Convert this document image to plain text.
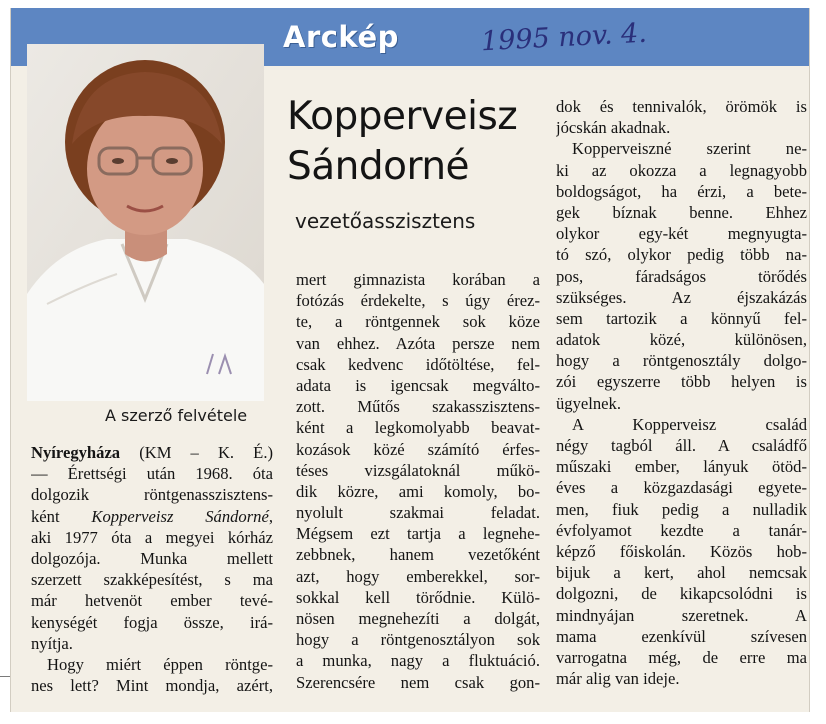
Arckép	1995 nov. 4.
A szerző felvétele
Kopperveisz
Sándorné
vezetőasszisztens
Nyíregyháza (KM – K. É.)
— Érettségi után 1968. óta
dolgozik röntgenasszisztens-
ként Kopperveisz Sándorné,
aki 1977 óta a megyei kórház
dolgozója. Munka mellett
szerzett szakképesítést, s ma
már hetvenöt ember tevé-
kenységét fogja össze, irá-
nyítja.
Hogy miért éppen röntge-
nes lett? Mint mondja, azért,
mert gimnazista korában a
fotózás érdekelte, s úgy érez-
te, a röntgennek sok köze
van ehhez. Azóta persze nem
csak kedvenc időtöltése, fel-
adata is igencsak megválto-
zott. Műtős szakasszisztens-
ként a legkomolyabb beavat-
kozások közé számító érfes-
téses vizsgálatoknál műkö-
dik közre, ami komoly, bo-
nyolult szakmai feladat.
Mégsem ezt tartja a legnehe-
zebbnek, hanem vezetőként
azt, hogy emberekkel, sor-
sokkal kell törődnie. Külö-
nösen megnehezíti a dolgát,
hogy a röntgenosztályon sok
a munka, nagy a fluktuáció.
Szerencsére nem csak gon-
dok és tennivalók, örömök is
jócskán akadnak.
Kopperveiszné szerint ne-
ki az okozza a legnagyobb
boldogságot, ha érzi, a bete-
gek bíznak benne. Ehhez
olykor egy-két megnyugta-
tó szó, olykor pedig több na-
pos, fáradságos törődés
szükséges. Az éjszakázás
sem tartozik a könnyű fel-
adatok közé, különösen,
hogy a röntgenosztály dolgo-
zói egyszerre több helyen is
ügyelnek.
A Kopperveisz család
négy tagból áll. A családfő
műszaki ember, lányuk ötöd-
éves a közgazdasági egyete-
men, fiuk pedig a nulladik
évfolyamot kezdte a tanár-
képző főiskolán. Közös hob-
bijuk a kert, ahol nemcsak
dolgozni, de kikapcsolódni is
mindnyájan szeretnek. A
mama ezenkívül szívesen
varrogatna még, de erre ma
már alig van ideje.
